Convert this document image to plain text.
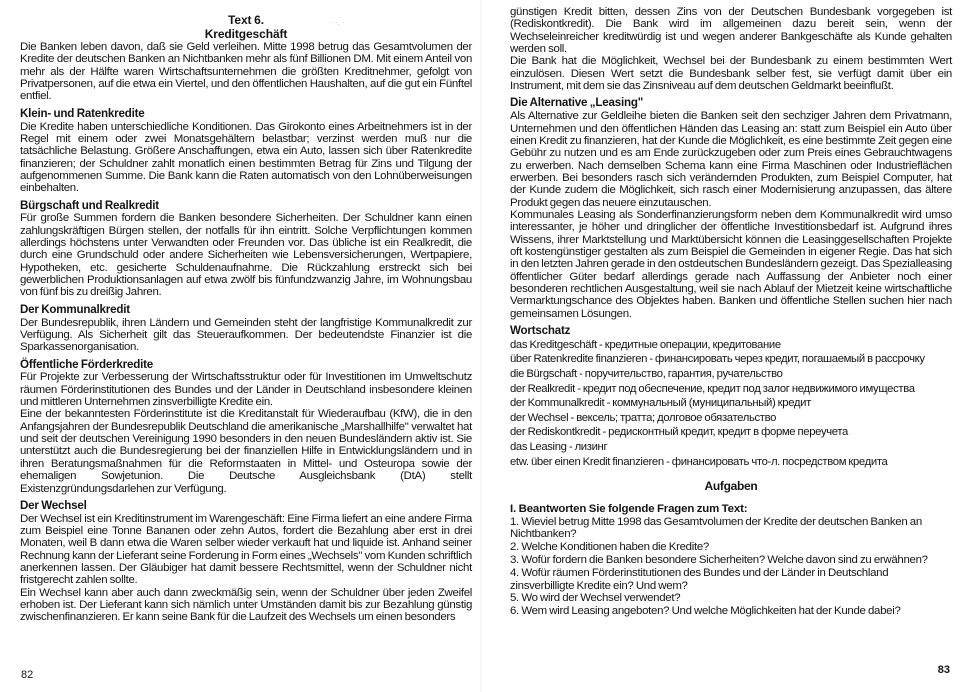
· ·. ·
Text 6.
Kreditgeschäft

Die Banken leben davon, daß sie Geld verleihen. Mitte 1998 betrug das Gesamtvolumen der Kredite der deutschen Banken an Nichtbanken mehr als fünf Billionen DM. Mit einem Anteil von mehr als der Hälfte waren Wirtschaftsunternehmen die größten Kreditnehmer, gefolgt von Privatpersonen, auf die etwa ein Viertel, und den öffentlichen Haushalten, auf die gut ein Fünftel entfiel.

Klein- und Ratenkredite

Die Kredite haben unterschiedliche Konditionen. Das Girokonto eines Arbeitnehmers ist in der Regel mit einem oder zwei Monatsgehältern belastbar; verzinst werden muß nur die tatsächliche Belastung. Größere Anschaffungen, etwa ein Auto, lassen sich über Ratenkredite finanzieren; der Schuldner zahlt monatlich einen bestimmten Betrag für Zins und Tilgung der aufgenommenen Summe. Die Bank kann die Raten automatisch von den Lohnüberweisungen einbehalten.

Bürgschaft und Realkredit

Für große Summen fordern die Banken besondere Sicherheiten. Der Schuldner kann einen zahlungskräftigen Bürgen stellen, der notfalls für ihn eintritt. Solche Verpflichtungen kommen allerdings höchstens unter Verwandten oder Freunden vor. Das übliche ist ein Realkredit, die durch eine Grundschuld oder andere Sicherheiten wie Lebensversicherungen, Wertpapiere, Hypotheken, etc. gesicherte Schuldenaufnahme. Die Rückzahlung erstreckt sich bei gewerblichen Produktionsanlagen auf etwa zwölf bis fünfundzwanzig Jahre, im Wohnungsbau von fünf bis zu dreißig Jahren.

Der Kommunalkredit

Der Bundesrepublik, ihren Ländern und Gemeinden steht der langfristige Kommunalkredit zur Verfügung. Als Sicherheit gilt das Steueraufkommen. Der bedeutendste Finanzier ist die Sparkassenorganisation.

Öffentliche Förderkredite

Für Projekte zur Verbesserung der Wirtschaftsstruktur oder für Investitionen im Umweltschutz räumen Förderinstitutionen des Bundes und der Länder in Deutschland insbesondere kleinen und mittleren Unternehmen zinsverbilligte Kredite ein.

Eine der bekanntesten Förderinstitute ist die Kreditanstalt für Wiederaufbau (KfW), die in den Anfangsjahren der Bundesrepublik Deutschland die amerikanische „Marshallhilfe" verwaltet hat und seit der deutschen Vereinigung 1990 besonders in den neuen Bundesländern aktiv ist. Sie unterstützt auch die Bundesregierung bei der finanziellen Hilfe in Entwicklungsländern und in ihren Beratungsmaßnahmen für die Reformstaaten in Mittel- und Osteuropa sowie der ehemaligen Sowjetunion. Die Deutsche Ausgleichsbank (DtA) stellt Existenzgründungsdarlehen zur Verfügung.

Der Wechsel

Der Wechsel ist ein Kreditinstrument im Warengeschäft: Eine Firma liefert an eine andere Firma zum Beispiel eine Tonne Bananen oder zehn Autos, fordert die Bezahlung aber erst in drei Monaten, weil B dann etwa die Waren selber wieder verkauft hat und liquide ist. Anhand seiner Rechnung kann der Lieferant seine Forderung in Form eines „Wechsels" vom Kunden schriftlich anerkennen lassen. Der Gläubiger hat damit bessere Rechtsmittel, wenn der Schuldner nicht fristgerecht zahlen sollte.

Ein Wechsel kann aber auch dann zweckmäßig sein, wenn der Schuldner über jeden Zweifel erhoben ist. Der Lieferant kann sich nämlich unter Umständen damit bis zur Bezahlung günstig zwischenfinanzieren. Er kann seine Bank für die Laufzeit des Wechsels um einen besonders

82

günstigen Kredit bitten, dessen Zins von der Deutschen Bundesbank vorgegeben ist (Rediskontkredit). Die Bank wird im allgemeinen dazu bereit sein, wenn der Wechseleinreicher kreditwürdig ist und wegen anderer Bankgeschäfte als Kunde gehalten werden soll.

Die Bank hat die Möglichkeit, Wechsel bei der Bundesbank zu einem bestimmten Wert einzulösen. Diesen Wert setzt die Bundesbank selber fest, sie verfügt damit über ein Instrument, mit dem sie das Zinsniveau auf dem deutschen Geldmarkt beeinflußt.

Die Alternative „Leasing"

Als Alternative zur Geldleihe bieten die Banken seit den sechziger Jahren dem Privatmann, Unternehmen und den öffentlichen Händen das Leasing an: statt zum Beispiel ein Auto über einen Kredit zu finanzieren, hat der Kunde die Möglichkeit, es eine bestimmte Zeit gegen eine Gebühr zu nutzen und es am Ende zurückzugeben oder zum Preis eines Gebrauchtwagens zu erwerben. Nach demselben Schema kann eine Firma Maschinen oder Industrieflächen erwerben. Bei besonders rasch sich verändernden Produkten, zum Beispiel Computer, hat der Kunde zudem die Möglichkeit, sich rasch einer Modernisierung anzupassen, das ältere Produkt gegen das neuere einzutauschen.

Kommunales Leasing als Sonderfinanzierungsform neben dem Kommunalkredit wird umso interessanter, je höher und dringlicher der öffentliche Investitionsbedarf ist. Aufgrund ihres Wissens, ihrer Marktstellung und Marktübersicht können die Leasinggesellschaften Projekte oft kostengünstiger gestalten als zum Beispiel die Gemeinden in eigener Regie. Das hat sich in den letzten Jahren gerade in den ostdeutschen Bundesländern gezeigt. Das Spezialleasing öffentlicher Güter bedarf allerdings gerade nach Auffassung der Anbieter noch einer besonderen rechtlichen Ausgestaltung, weil sie nach Ablauf der Mietzeit keine wirtschaftliche Vermarktungschance des Objektes haben. Banken und öffentliche Stellen suchen hier nach gemeinsamen Lösungen.

Wortschatz
das Kreditgeschäft - кредитные операции, кредитование
über Ratenkredite finanzieren - финансировать через кредит, погашаемый в рассрочку
die Bürgschaft - поручительство, гарантия, ручательство
der Realkredit - кредит под обеспечение, кредит под залог недвижимого имущества
der Kommunalkredit - коммунальный (муниципальный) кредит
der Wechsel - вексель; тратта; долговое обязательство
der Rediskontkredit - редисконтный кредит, кредит в форме переучета
das Leasing - лизинг
etw. über einen Kredit finanzieren - финансировать что-л. посредством кредита
Aufgaben
I. Beantworten Sie folgende Fragen zum Text:
1. Wieviel betrug Mitte 1998 das Gesamtvolumen der Kredite der deutschen Banken an Nichtbanken?
2. Welche Konditionen haben die Kredite?
3. Wofür fordern die Banken besondere Sicherheiten? Welche davon sind zu erwähnen?
4. Wofür räumen Förderinstitutionen des Bundes und der Länder in Deutschland zinsverbilligte Kredite ein? Und wem?
5. Wo wird der Wechsel verwendet?
6. Wem wird Leasing angeboten? Und welche Möglichkeiten hat der Kunde dabei?
83
